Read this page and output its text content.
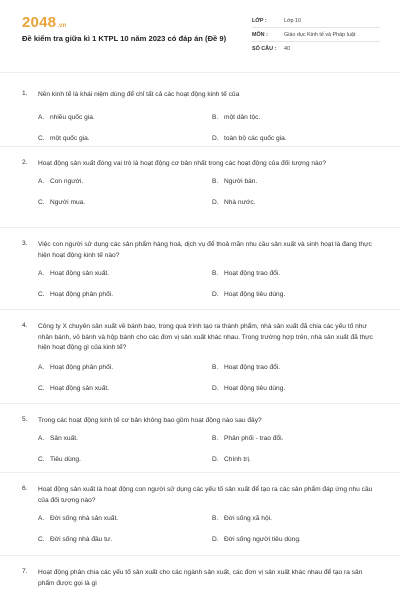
2048.vn
Đề kiểm tra giữa kì 1 KTPL 10 năm 2023 có đáp án (Đề 9)
LỚP :	Lớp 10
MÔN :	Giáo dục Kinh tế và Pháp luật
SỐ CÂU : 40
1. Nền kinh tế là khái niệm dùng để chỉ tất cả các hoạt động kinh tế của
A. nhiều quốc gia.	B. một dân tộc.
C. một quốc gia.	D. toàn bộ các quốc gia.
2. Hoạt động sản xuất đóng vai trò là hoạt động cơ bản nhất trong các hoạt động của đối tượng nào?
A. Con người.	B. Người bán.
C. Người mua.	D. Nhà nước.
3. Việc con người sử dụng các sản phẩm hàng hoá, dịch vụ để thoả mãn nhu cầu sản xuất và sinh hoạt là đang thực hiện hoạt động kinh tế nào?
A. Hoạt động sản xuất.	B. Hoạt động trao đổi.
C. Hoạt động phân phối.	D. Hoạt động tiêu dùng.
4. Công ty X chuyên sản xuất về bánh bao, trong quá trình tạo ra thành phẩm, nhà sản xuất đã chia các yếu tố như nhân bánh, vỏ bánh và hộp bánh cho các đơn vị sản xuất khác nhau. Trong trường hợp trên, nhà sản xuất đã thực hiện hoạt động gì của kinh tế?
A. Hoạt động phân phối.	B. Hoạt động trao đổi.
C. Hoạt động sản xuất.	D. Hoạt động tiêu dùng.
5. Trong các hoạt động kinh tế cơ bản không bao gồm hoạt động nào sau đây?
A. Sản xuất.	B. Phân phối - trao đổi.
C. Tiêu dùng.	D. Chính trị.
6. Hoạt động sản xuất là hoạt động con người sử dụng các yếu tố sản xuất để tạo ra các sản phẩm đáp ứng nhu cầu của đối tượng nào?
A. Đời sống nhà sản xuất.	B. Đời sống xã hội.
C. Đời sống nhà đầu tư.	D. Đời sống người tiêu dùng.
7. Hoạt động phân chia các yếu tố sản xuất cho các ngành sản xuất, các đơn vị sản xuất khác nhau để tạo ra sản phẩm được gọi là gì
